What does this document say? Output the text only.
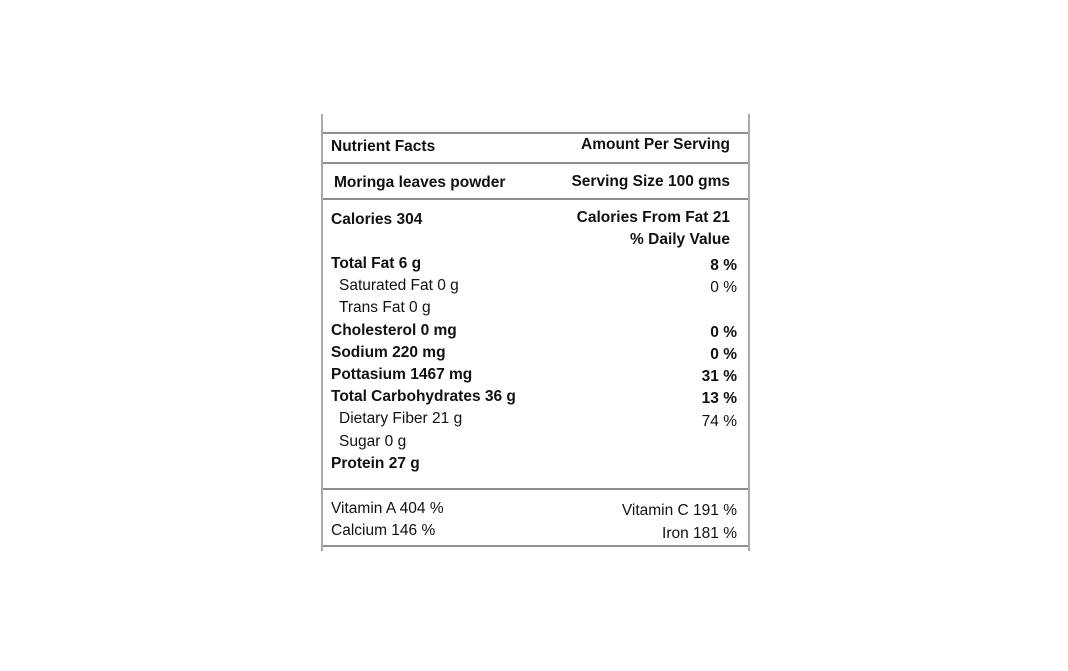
Nutrient Facts	Amount Per Serving
Moringa leaves powder	Serving Size 100 gms
Calories 304	Calories From Fat 21
% Daily Value
Total Fat 6 g	8 %
Saturated Fat 0 g	0 %
Trans Fat 0 g
Cholesterol 0 mg	0 %
Sodium 220 mg	0 %
Pottasium 1467 mg	31 %
Total Carbohydrates 36 g	13 %
Dietary Fiber 21 g	74 %
Sugar 0 g
Protein 27 g
Vitamin A 404 %	Vitamin C 191 %
Calcium 146 %	Iron 181 %
